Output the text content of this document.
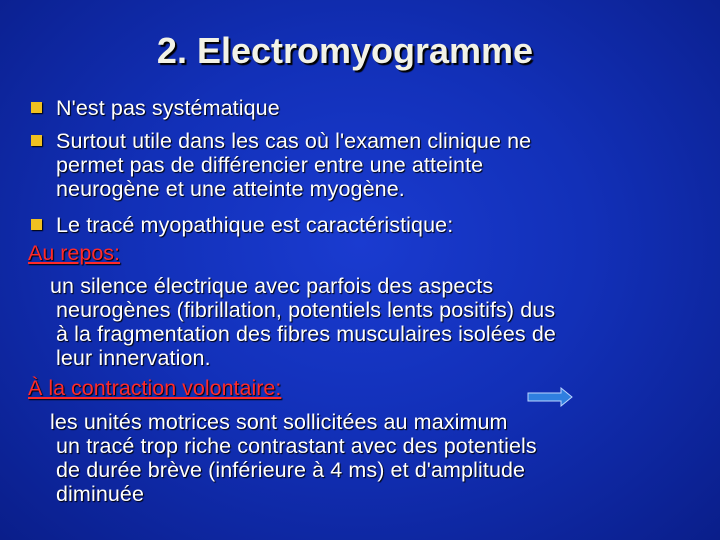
2. Electromyogramme
N'est pas systématique
Surtout utile dans les cas où l'examen clinique ne
permet pas de différencier entre une atteinte
neurogène et une atteinte myogène.
Le tracé myopathique est caractéristique:
Au repos:
un silence électrique avec parfois des aspects
neurogènes (fibrillation, potentiels lents positifs) dus
à la fragmentation des fibres musculaires isolées de
leur innervation.
À la contraction volontaire:
les unités motrices sont sollicitées au maximum
un tracé trop riche contrastant avec des potentiels
de durée brève (inférieure à 4 ms) et d'amplitude
diminuée
